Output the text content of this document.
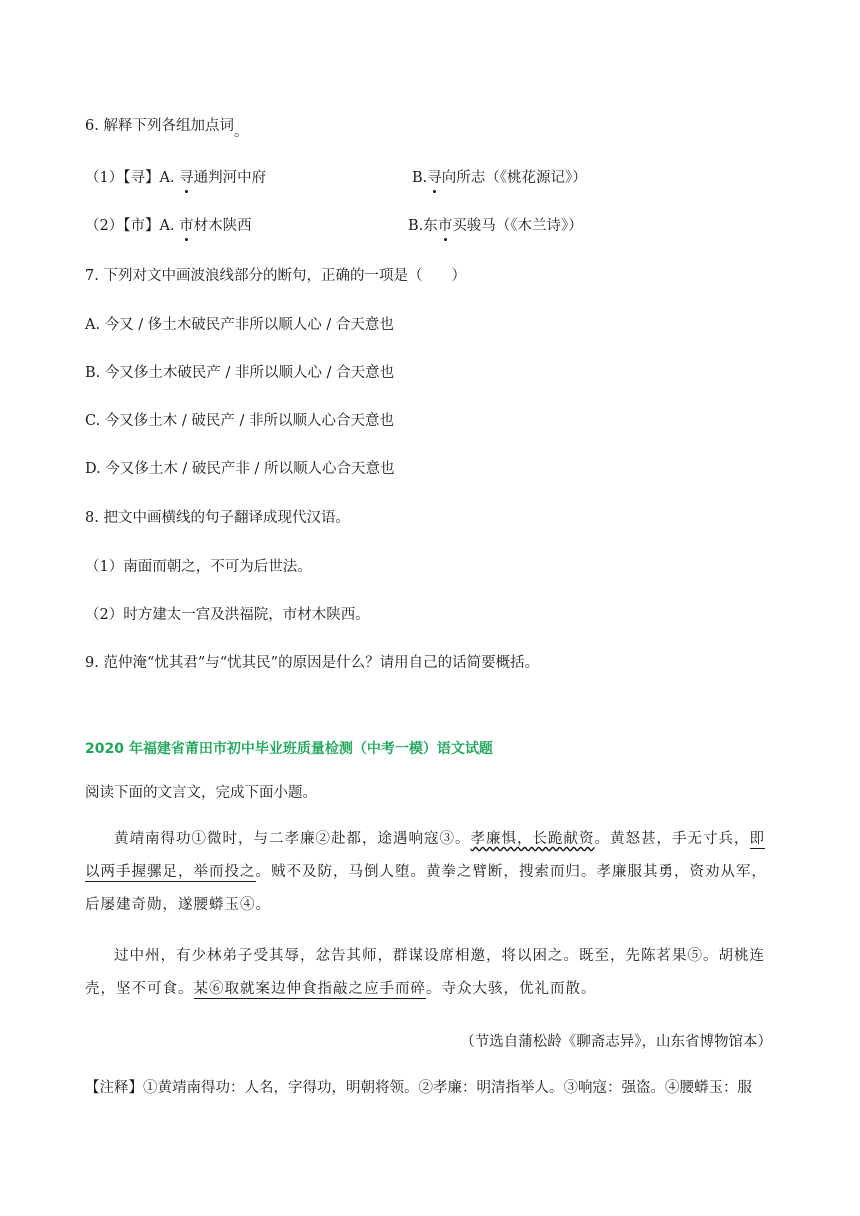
6. 解释下列各组加点词。
（1）【寻】A. 寻通判河中府	B.寻向所志（《桃花源记》）
（2）【市】A. 市材木陕西	B.东市买骏马（《木兰诗》）
7. 下列对文中画波浪线部分的断句，正确的一项是（　　）
A. 今又 / 侈土木破民产非所以顺人心 / 合天意也
B. 今又侈土木破民产 / 非所以顺人心 / 合天意也
C. 今又侈土木 / 破民产 / 非所以顺人心合天意也
D. 今又侈土木 / 破民产非 / 所以顺人心合天意也
8. 把文中画横线的句子翻译成现代汉语。
（1）南面而朝之，不可为后世法。
（2）时方建太一宫及洪福院，市材木陕西。
9. 范仲淹“忧其君”与“忧其民”的原因是什么？请用自己的话简要概括。
2020 年福建省莆田市初中毕业班质量检测（中考一模）语文试题
阅读下面的文言文，完成下面小题。
黄靖南得功①微时，与二孝廉②赴都，途遇响寇③。孝廉惧，长跪献资。黄怒甚，手无寸兵，即以两手握骡足，举而投之。贼不及防，马倒人堕。黄拳之臂断，搜索而归。孝廉服其勇，资劝从军，后屡建奇勋，遂腰蟒玉④。
过中州，有少林弟子受其辱，忿告其师，群谋设席相邀，将以困之。既至，先陈茗果⑤。胡桃连壳，坚不可食。某⑥取就案边伸食指敲之应手而碎。寺众大骇，优礼而散。
（节选自蒲松龄《聊斋志异》，山东省博物馆本）
【注释】①黄靖南得功：人名，字得功，明朝将领。②孝廉：明清指举人。③响寇：强盗。④腰蟒玉：服
